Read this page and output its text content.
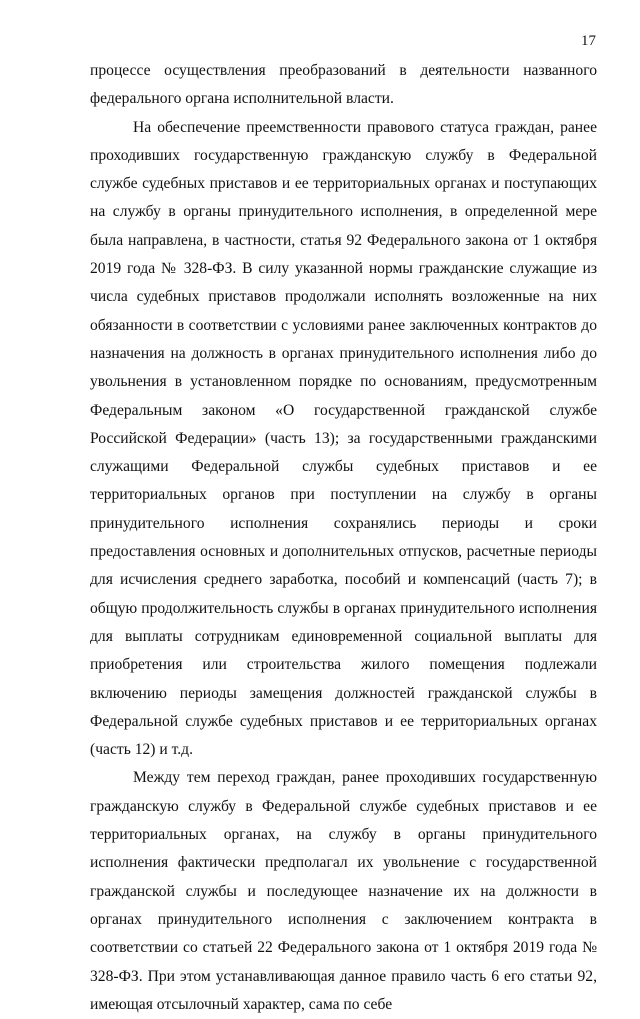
17

процессе осуществления преобразований в деятельности названного федерального органа исполнительной власти.

На обеспечение преемственности правового статуса граждан, ранее проходивших государственную гражданскую службу в Федеральной службе судебных приставов и ее территориальных органах и поступающих на службу в органы принудительного исполнения, в определенной мере была направлена, в частности, статья 92 Федерального закона от 1 октября 2019 года № 328-ФЗ. В силу указанной нормы гражданские служащие из числа судебных приставов продолжали исполнять возложенные на них обязанности в соответствии с условиями ранее заключенных контрактов до назначения на должность в органах принудительного исполнения либо до увольнения в установленном порядке по основаниям, предусмотренным Федеральным законом «О государственной гражданской службе Российской Федерации» (часть 13); за государственными гражданскими служащими Федеральной службы судебных приставов и ее территориальных органов при поступлении на службу в органы принудительного исполнения сохранялись периоды и сроки предоставления основных и дополнительных отпусков, расчетные периоды для исчисления среднего заработка, пособий и компенсаций (часть 7); в общую продолжительность службы в органах принудительного исполнения для выплаты сотрудникам единовременной социальной выплаты для приобретения или строительства жилого помещения подлежали включению периоды замещения должностей гражданской службы в Федеральной службе судебных приставов и ее территориальных органах (часть 12) и т.д.

Между тем переход граждан, ранее проходивших государственную гражданскую службу в Федеральной службе судебных приставов и ее территориальных органах, на службу в органы принудительного исполнения фактически предполагал их увольнение с государственной гражданской службы и последующее назначение их на должности в органах принудительного исполнения с заключением контракта в соответствии со статьей 22 Федерального закона от 1 октября 2019 года № 328-ФЗ. При этом устанавливающая данное правило часть 6 его статьи 92, имеющая отсылочный характер, сама по себе
